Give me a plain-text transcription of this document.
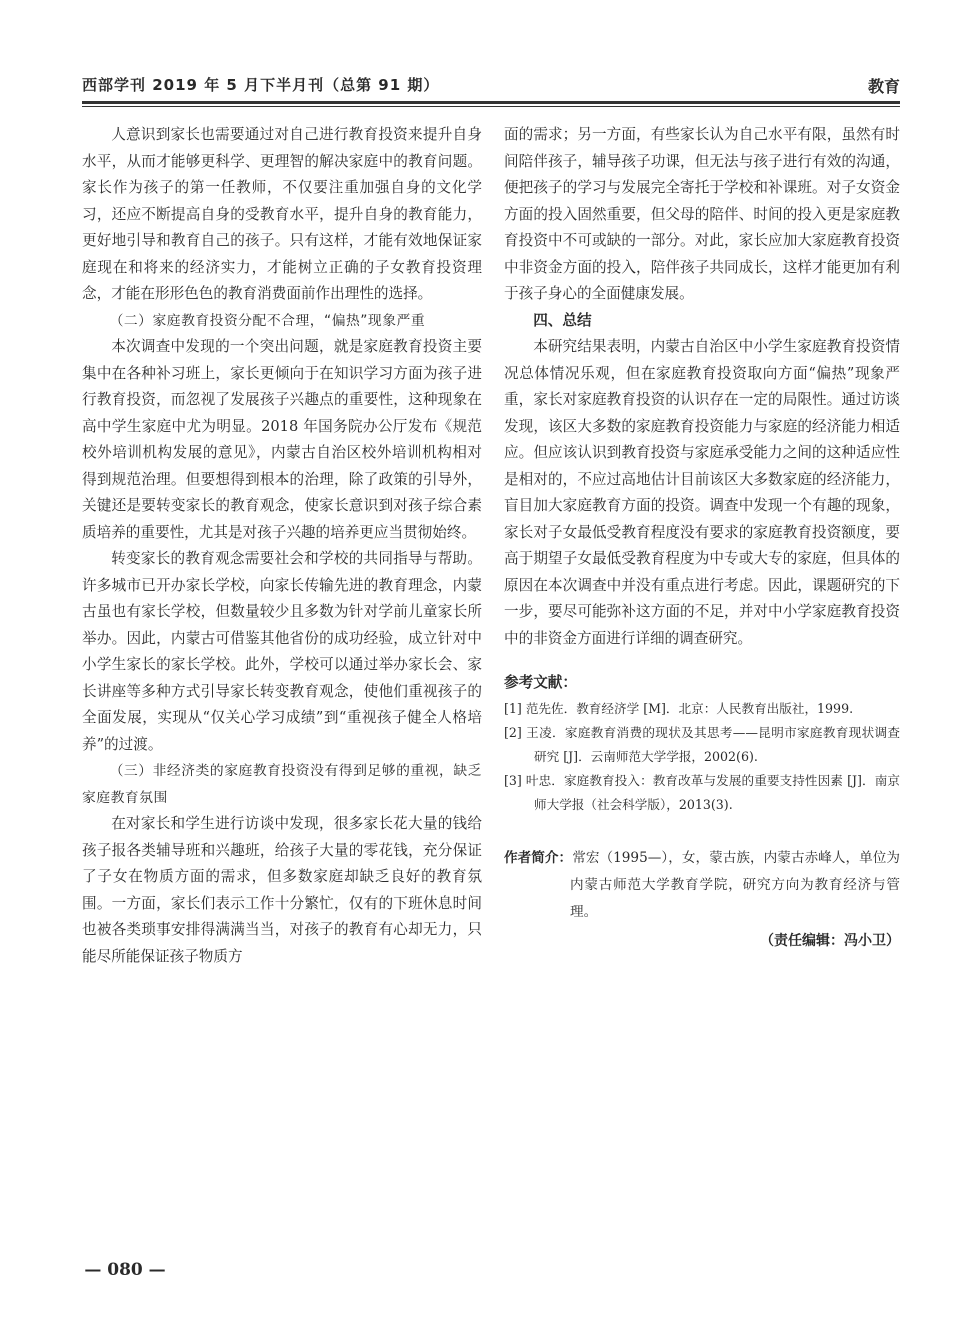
西部学刊 2019 年 5 月下半月刊（总第 91 期）	教育

人意识到家长也需要通过对自己进行教育投资来提升自身水平，从而才能够更科学、更理智的解决家庭中的教育问题。家长作为孩子的第一任教师，不仅要注重加强自身的文化学习，还应不断提高自身的受教育水平，提升自身的教育能力，更好地引导和教育自己的孩子。只有这样，才能有效地保证家庭现在和将来的经济实力，才能树立正确的子女教育投资理念，才能在形形色色的教育消费面前作出理性的选择。

（二）家庭教育投资分配不合理，“偏热”现象严重

本次调查中发现的一个突出问题，就是家庭教育投资主要集中在各种补习班上，家长更倾向于在知识学习方面为孩子进行教育投资，而忽视了发展孩子兴趣点的重要性，这种现象在高中学生家庭中尤为明显。2018 年国务院办公厅发布《规范校外培训机构发展的意见》，内蒙古自治区校外培训机构相对得到规范治理。但要想得到根本的治理，除了政策的引导外，关键还是要转变家长的教育观念，使家长意识到对孩子综合素质培养的重要性，尤其是对孩子兴趣的培养更应当贯彻始终。

转变家长的教育观念需要社会和学校的共同指导与帮助。许多城市已开办家长学校，向家长传输先进的教育理念，内蒙古虽也有家长学校，但数量较少且多数为针对学前儿童家长所举办。因此，内蒙古可借鉴其他省份的成功经验，成立针对中小学生家长的家长学校。此外，学校可以通过举办家长会、家长讲座等多种方式引导家长转变教育观念，使他们重视孩子的全面发展，实现从“仅关心学习成绩”到“重视孩子健全人格培养”的过渡。

（三）非经济类的家庭教育投资没有得到足够的重视，缺乏家庭教育氛围

在对家长和学生进行访谈中发现，很多家长花大量的钱给孩子报各类辅导班和兴趣班，给孩子大量的零花钱，充分保证了子女在物质方面的需求，但多数家庭却缺乏良好的教育氛围。一方面，家长们表示工作十分繁忙，仅有的下班休息时间也被各类琐事安排得满满当当，对孩子的教育有心却无力，只能尽所能保证孩子物质方

面的需求；另一方面，有些家长认为自己水平有限，虽然有时间陪伴孩子，辅导孩子功课，但无法与孩子进行有效的沟通，便把孩子的学习与发展完全寄托于学校和补课班。对子女资金方面的投入固然重要，但父母的陪伴、时间的投入更是家庭教育投资中不可或缺的一部分。对此，家长应加大家庭教育投资中非资金方面的投入，陪伴孩子共同成长，这样才能更加有利于孩子身心的全面健康发展。

四、总结

本研究结果表明，内蒙古自治区中小学生家庭教育投资情况总体情况乐观，但在家庭教育投资取向方面“偏热”现象严重，家长对家庭教育投资的认识存在一定的局限性。通过访谈发现，该区大多数的家庭教育投资能力与家庭的经济能力相适应。但应该认识到教育投资与家庭承受能力之间的这种适应性是相对的，不应过高地估计目前该区大多数家庭的经济能力，盲目加大家庭教育方面的投资。调查中发现一个有趣的现象，家长对子女最低受教育程度没有要求的家庭教育投资额度，要高于期望子女最低受教育程度为中专或大专的家庭，但具体的原因在本次调查中并没有重点进行考虑。因此，课题研究的下一步，要尽可能弥补这方面的不足，并对中小学家庭教育投资中的非资金方面进行详细的调查研究。

参考文献：
[1] 范先佐．教育经济学 [M]．北京：人民教育出版社，1999.
[2] 王凌．家庭教育消费的现状及其思考——昆明市家庭教育现状调查研究 [J]．云南师范大学学报，2002(6).
[3] 叶忠．家庭教育投入：教育改革与发展的重要支持性因素 [J]．南京师大学报（社会科学版），2013(3).
作者简介：常宏（1995—），女，蒙古族，内蒙古赤峰人，单位为内蒙古师范大学教育学院，研究方向为教育经济与管理。
（责任编辑：冯小卫）
— 080 —
